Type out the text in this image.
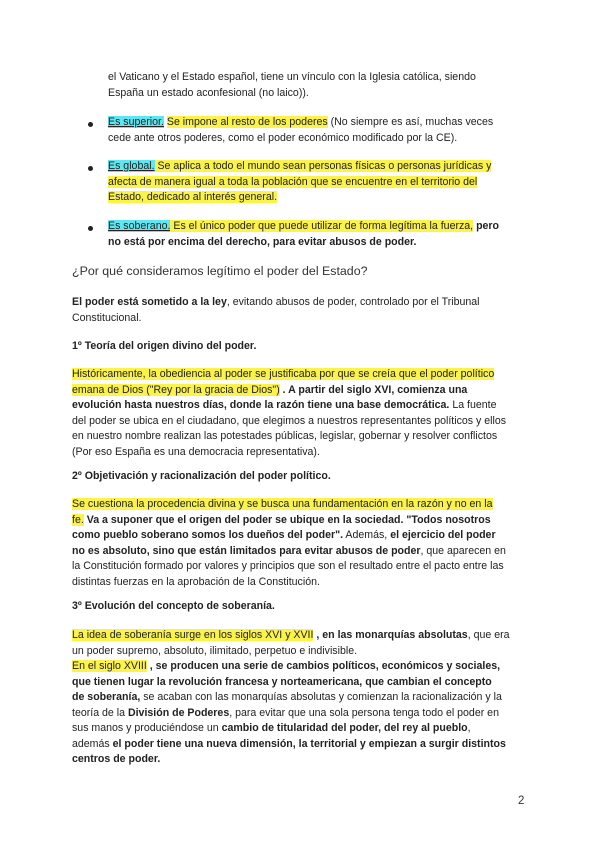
el Vaticano y el Estado español, tiene un vínculo con la Iglesia católica, siendo
España un estado aconfesional (no laico)).

Es superior. Se impone al resto de los poderes (No siempre es así, muchas veces
cede ante otros poderes, como el poder económico modificado por la CE).

Es global. Se aplica a todo el mundo sean personas físicas o personas jurídicas y
afecta de manera igual a toda la población que se encuentre en el territorio del
Estado, dedicado al interés general.

Es soberano. Es el único poder que puede utilizar de forma legítima la fuerza, pero
no está por encima del derecho, para evitar abusos de poder.

¿Por qué consideramos legítimo el poder del Estado?

El poder está sometido a la ley, evitando abusos de poder, controlado por el Tribunal
Constitucional.

1º Teoría del origen divino del poder.

Históricamente, la obediencia al poder se justificaba por que se creía que el poder político
emana de Dios ("Rey por la gracia de Dios") . A partir del siglo XVI, comienza una
evolución hasta nuestros días, donde la razón tiene una base democrática. La fuente
del poder se ubica en el ciudadano, que elegimos a nuestros representantes políticos y ellos
en nuestro nombre realizan las potestades públicas, legislar, gobernar y resolver conflictos
(Por eso España es una democracia representativa).

2º Objetivación y racionalización del poder político.

Se cuestiona la procedencia divina y se busca una fundamentación en la razón y no en la
fe. Va a suponer que el origen del poder se ubique en la sociedad. "Todos nosotros
como pueblo soberano somos los dueños del poder". Además, el ejercicio del poder
no es absoluto, sino que están limitados para evitar abusos de poder, que aparecen en
la Constitución formado por valores y principios que son el resultado entre el pacto entre las
distintas fuerzas en la aprobación de la Constitución.

3º Evolución del concepto de soberanía.

La idea de soberanía surge en los siglos XVI y XVII , en las monarquías absolutas, que era
un poder supremo, absoluto, ilimitado, perpetuo e indivisible.
En el siglo XVIII , se producen una serie de cambios políticos, económicos y sociales,
que tienen lugar la revolución francesa y norteamericana, que cambian el concepto
de soberanía, se acaban con las monarquías absolutas y comienzan la racionalización y la
teoría de la División de Poderes, para evitar que una sola persona tenga todo el poder en
sus manos y produciéndose un cambio de titularidad del poder, del rey al pueblo,
además el poder tiene una nueva dimensión, la territorial y empiezan a surgir distintos
centros de poder.

2
